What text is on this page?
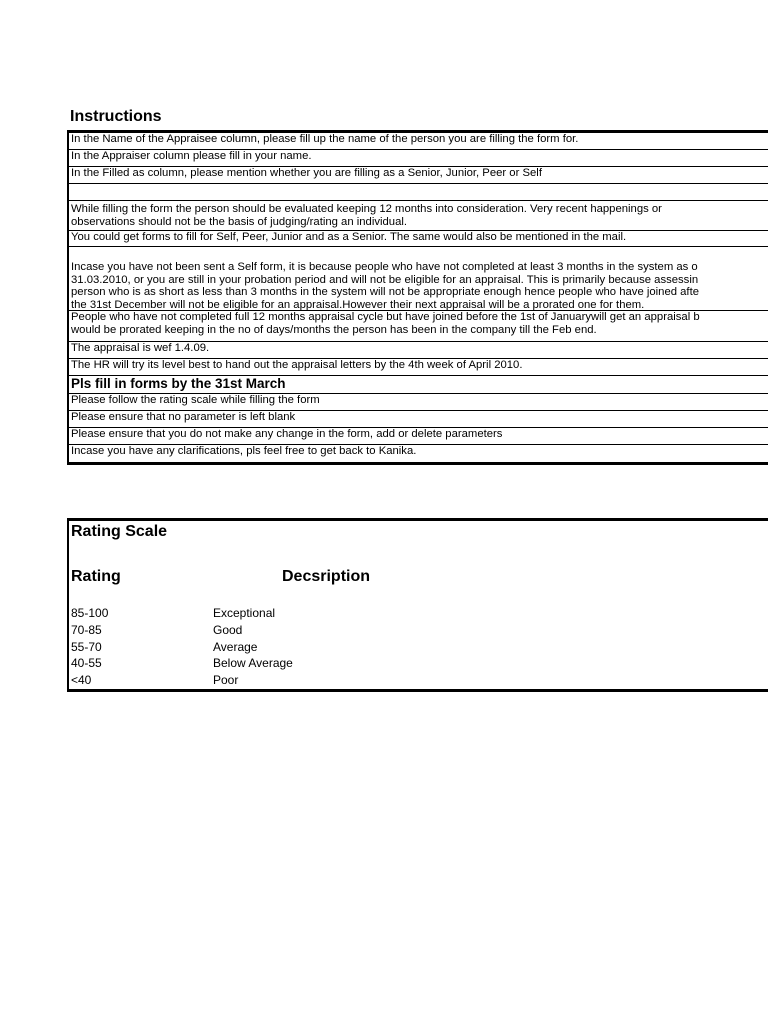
Instructions
In the Name of the Appraisee column, please fill up the name of the person you are filling the form for.
In the Appraiser column please fill in your name.
In the Filled as column, please mention whether you are filling as a Senior, Junior, Peer or Self
While filling the form the person should be evaluated keeping 12 months into consideration. Very recent happenings or
observations should not be the basis of judging/rating an individual.
You could get forms to fill for Self, Peer, Junior and as a Senior. The same would also be mentioned in the mail.
Incase you have not been sent a Self form, it is because people who have not completed at least 3 months in the system as o
31.03.2010, or you are still in your probation period and will not be eligible for an appraisal. This is primarily because assessin
person who is as short as less than 3 months in the system will not be appropriate enough hence people who have joined afte
the 31st December will not be eligible for an appraisal.However their next appraisal will be a prorated one for them.
People who have not completed full 12 months appraisal cycle but have joined before the 1st of Januarywill get an appraisal b
would be prorated keeping in the no of days/months the person has been in the company till the Feb end.
The appraisal is wef 1.4.09.
The HR will try its level best to hand out the appraisal letters by the 4th week of April 2010.
Pls fill in forms by the 31st March
Please follow the rating scale while filling the form
Please ensure that no parameter is left blank
Please ensure that you do not make any change in the form, add or delete parameters
Incase you have any clarifications, pls feel free to get back to Kanika.
Rating Scale
Rating	Decsription
85-100	Exceptional
70-85	Good
55-70	Average
40-55	Below Average
<40	Poor
